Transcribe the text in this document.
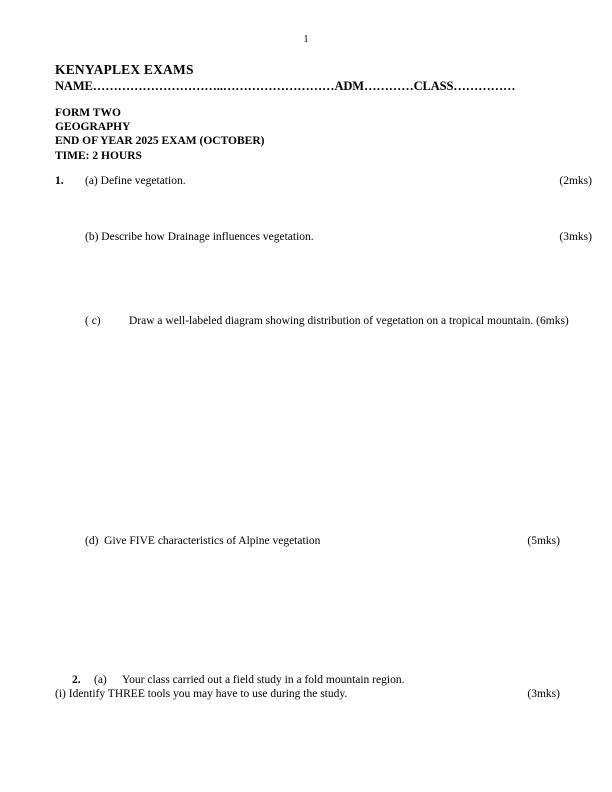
1
KENYAPLEX EXAMS
NAME…………………………..………………………ADM…………CLASS……………
FORM TWO
GEOGRAPHY
END OF YEAR 2025 EXAM (OCTOBER)
TIME: 2 HOURS
1.	(a) Define vegetation.	(2mks)
(b) Describe how Drainage influences vegetation.	(3mks)
( c)	Draw a well-labeled diagram showing distribution of vegetation on a tropical mountain. (6mks)
(d) Give FIVE characteristics of Alpine vegetation	(5mks)
2.	(a)	Your class carried out a field study in a fold mountain region.
(i) Identify THREE tools you may have to use during the study.	(3mks)
